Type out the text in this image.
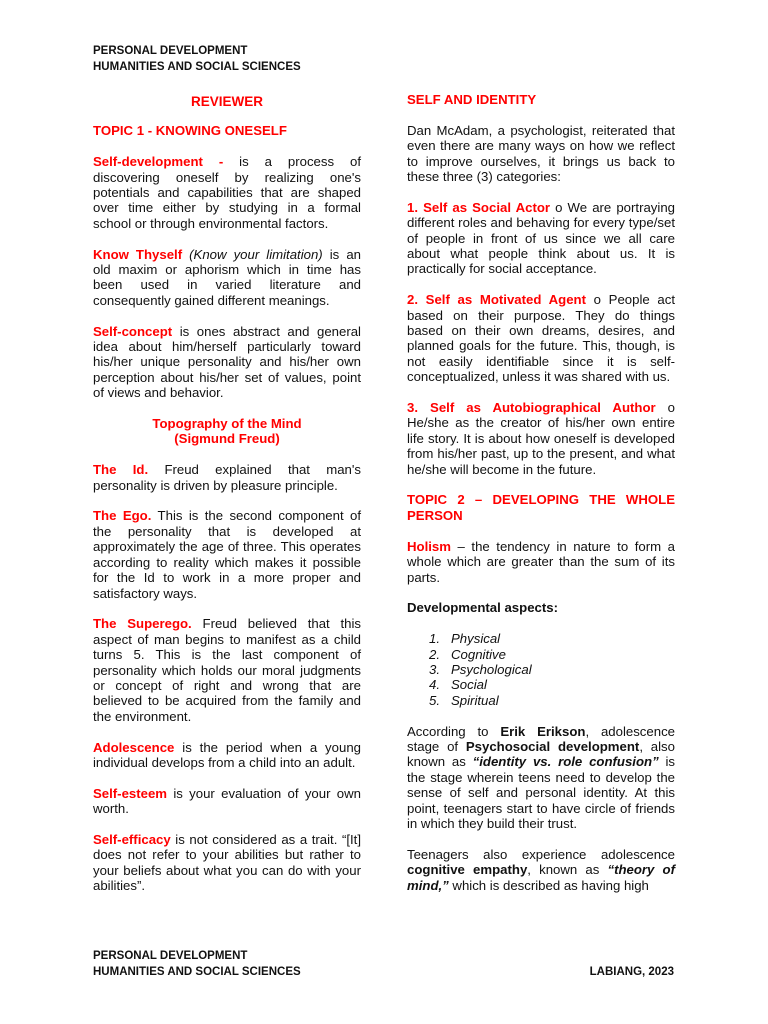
PERSONAL DEVELOPMENT
HUMANITIES AND SOCIAL SCIENCES
REVIEWER
TOPIC 1 - KNOWING ONESELF

Self-development - is a process of discovering oneself by realizing one's potentials and capabilities that are shaped over time either by studying in a formal school or through environmental factors.

Know Thyself (Know your limitation) is an old maxim or aphorism which in time has been used in varied literature and consequently gained different meanings.

Self-concept is ones abstract and general idea about him/herself particularly toward his/her unique personality and his/her own perception about his/her set of values, point of views and behavior.

Topography of the Mind
(Sigmund Freud)

The Id. Freud explained that man's personality is driven by pleasure principle.

The Ego. This is the second component of the personality that is developed at approximately the age of three. This operates according to reality which makes it possible for the Id to work in a more proper and satisfactory ways.

The Superego. Freud believed that this aspect of man begins to manifest as a child turns 5. This is the last component of personality which holds our moral judgments or concept of right and wrong that are believed to be acquired from the family and the environment.

Adolescence is the period when a young individual develops from a child into an adult.

Self-esteem is your evaluation of your own worth.

Self-efficacy is not considered as a trait. “[It] does not refer to your abilities but rather to your beliefs about what you can do with your abilities”.

SELF AND IDENTITY

Dan McAdam, a psychologist, reiterated that even there are many ways on how we reflect to improve ourselves, it brings us back to these three (3) categories:

1. Self as Social Actor o We are portraying different roles and behaving for every type/set of people in front of us since we all care about what people think about us. It is practically for social acceptance.

2. Self as Motivated Agent o People act based on their purpose. They do things based on their own dreams, desires, and planned goals for the future. This, though, is not easily identifiable since it is self-conceptualized, unless it was shared with us.

3. Self as Autobiographical Author o He/she as the creator of his/her own entire life story. It is about how oneself is developed from his/her past, up to the present, and what he/she will become in the future.

TOPIC 2 – DEVELOPING THE WHOLE PERSON

Holism – the tendency in nature to form a whole which are greater than the sum of its parts.

Developmental aspects:

1. Physical
2. Cognitive
3. Psychological
4. Social
5. Spiritual

According to Erik Erikson, adolescence stage of Psychosocial development, also known as “identity vs. role confusion” is the stage wherein teens need to develop the sense of self and personal identity. At this point, teenagers start to have circle of friends in which they build their trust.

Teenagers also experience adolescence cognitive empathy, known as “theory of mind,” which is described as having high

PERSONAL DEVELOPMENT
HUMANITIES AND SOCIAL SCIENCES	LABIANG, 2023
